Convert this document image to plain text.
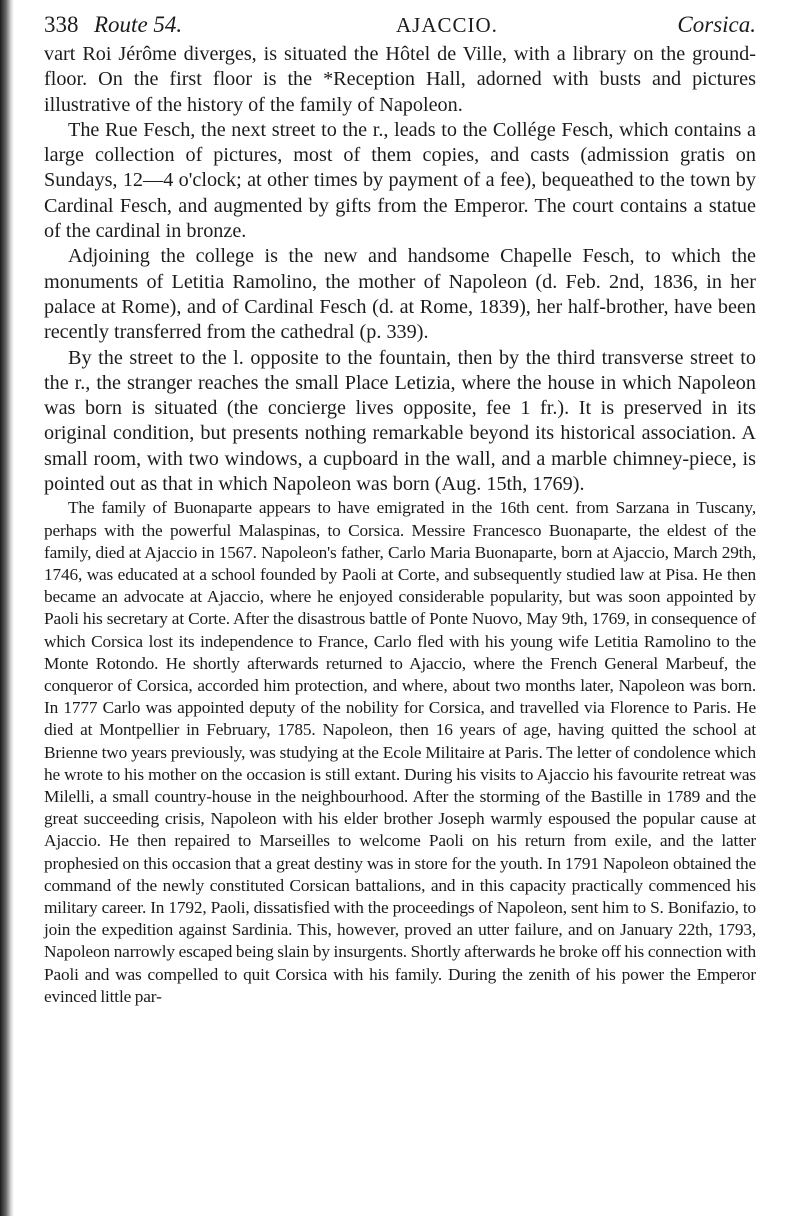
338 Route 54.	AJACCIO.	Corsica.

vart Roi Jérôme diverges, is situated the Hôtel de Ville, with a library on the ground-floor. On the first floor is the *Reception Hall, adorned with busts and pictures illustrative of the history of the family of Napoleon.

The Rue Fesch, the next street to the r., leads to the Collége Fesch, which contains a large collection of pictures, most of them copies, and casts (admission gratis on Sundays, 12—4 o'clock; at other times by payment of a fee), bequeathed to the town by Cardinal Fesch, and augmented by gifts from the Emperor. The court contains a statue of the cardinal in bronze.

Adjoining the college is the new and handsome Chapelle Fesch, to which the monuments of Letitia Ramolino, the mother of Napoleon (d. Feb. 2nd, 1836, in her palace at Rome), and of Cardinal Fesch (d. at Rome, 1839), her half-brother, have been recently transferred from the cathedral (p. 339).

By the street to the l. opposite to the fountain, then by the third transverse street to the r., the stranger reaches the small Place Letizia, where the house in which Napoleon was born is situated (the concierge lives opposite, fee 1 fr.). It is preserved in its original condition, but presents nothing remarkable beyond its historical association. A small room, with two windows, a cupboard in the wall, and a marble chimney-piece, is pointed out as that in which Napoleon was born (Aug. 15th, 1769).

The family of Buonaparte appears to have emigrated in the 16th cent. from Sarzana in Tuscany, perhaps with the powerful Malaspinas, to Corsica. Messire Francesco Buonaparte, the eldest of the family, died at Ajaccio in 1567. Napoleon's father, Carlo Maria Buonaparte, born at Ajaccio, March 29th, 1746, was educated at a school founded by Paoli at Corte, and subsequently studied law at Pisa. He then became an advocate at Ajaccio, where he enjoyed considerable popularity, but was soon appointed by Paoli his secretary at Corte. After the disastrous battle of Ponte Nuovo, May 9th, 1769, in consequence of which Corsica lost its independence to France, Carlo fled with his young wife Letitia Ramolino to the Monte Rotondo. He shortly afterwards returned to Ajaccio, where the French General Marbeuf, the conqueror of Corsica, accorded him protection, and where, about two months later, Napoleon was born. In 1777 Carlo was appointed deputy of the nobility for Corsica, and travelled via Florence to Paris. He died at Montpellier in February, 1785. Napoleon, then 16 years of age, having quitted the school at Brienne two years previously, was studying at the Ecole Militaire at Paris. The letter of condolence which he wrote to his mother on the occasion is still extant. During his visits to Ajaccio his favourite retreat was Milelli, a small country-house in the neighbourhood. After the storming of the Bastille in 1789 and the great succeeding crisis, Napoleon with his elder brother Joseph warmly espoused the popular cause at Ajaccio. He then repaired to Marseilles to welcome Paoli on his return from exile, and the latter prophesied on this occasion that a great destiny was in store for the youth. In 1791 Napoleon obtained the command of the newly constituted Corsican battalions, and in this capacity practically commenced his military career. In 1792, Paoli, dissatisfied with the proceedings of Napoleon, sent him to S. Bonifazio, to join the expedition against Sardinia. This, however, proved an utter failure, and on January 22th, 1793, Napoleon narrowly escaped being slain by insurgents. Shortly afterwards he broke off his connection with Paoli and was compelled to quit Corsica with his family. During the zenith of his power the Emperor evinced little par-
